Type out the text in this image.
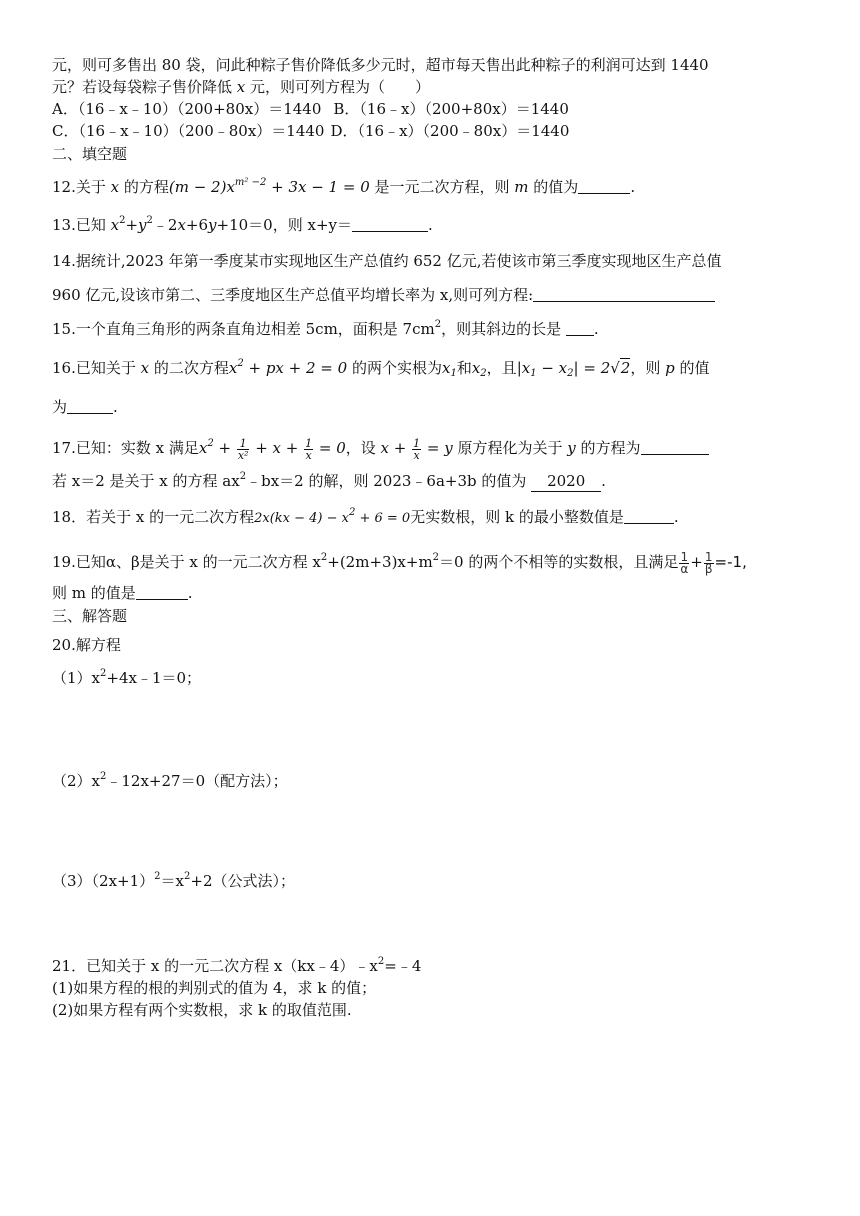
元，则可多售出 80 袋，问此种粽子售价降低多少元时，超市每天售出此种粽子的利润可达到 1440
元？若设每袋粽子售价降低 x 元，则可列方程为（　　）
A．（16﹣x﹣10）（200+80x）＝1440 B．（16﹣x）（200+80x）＝1440
C．（16﹣x﹣10）（200﹣80x）＝1440 D．（16﹣x）（200﹣80x）＝1440
二、填空题
12.关于 x 的方程$(m - 2)x^{m^2 -2} + 3x - 1 = 0$ 是一元二次方程，则 m 的值为	.
13.已知 $x^2+y^2﹣2x+6y+10=0$，则 x+y＝	.
14.据统计,2023 年第一季度某市实现地区生产总值约 652 亿元,若使该市第三季度实现地区生产总值
960 亿元,设该市第二、三季度地区生产总值平均增长率为 x,则可列方程:
15.一个直角三角形的两条直角边相差 5cm，面积是 $7cm^2$，则其斜边的长是 .
16.已知关于 x 的二次方程$x^2$ + px + 2 = 0 的两个实根为$x_1$和$x_2$，且$|x_1 - x_2| = 2√2$，则 p 的值
为	.
17.已知：实数 x 满足$x^2 + \frac{1}{\text{x²}} + x + \frac{1}{x} = 0$，设 $x + \frac{1}{x} = y$ 原方程化为关于 y 的方程为
若 x＝2 是关于 x 的方程 $ax^2﹣bx=2$ 的解，则 2023﹣6a+3b 的值为 2020 .
18．若关于 x 的一元二次方程$2x(kx - 4) - x^2 + 6 = 0$无实数根，则 k 的最小整数值是	.
19.已知α、β是关于 x 的一元二次方程 $x^2+(2m+3)x+m^2=0$ 的两个不相等的实数根，且满足 $\frac{1}{\alpha} + \frac{1}{\beta} =-1$,
则 m 的值是	.
三、解答题
20.解方程
$(1)x^2+4x﹣1=0$；
$(2)x^2﹣12x+27=0$（配方法）；
$(3)(2x+1)^2=x^2+2$（公式法）；
21．已知关于 x 的一元二次方程 $x(kx﹣4)﹣x^2=﹣4$
(1)如果方程的根的判别式的值为 4，求 k 的值；
(2)如果方程有两个实数根，求 k 的取值范围.
